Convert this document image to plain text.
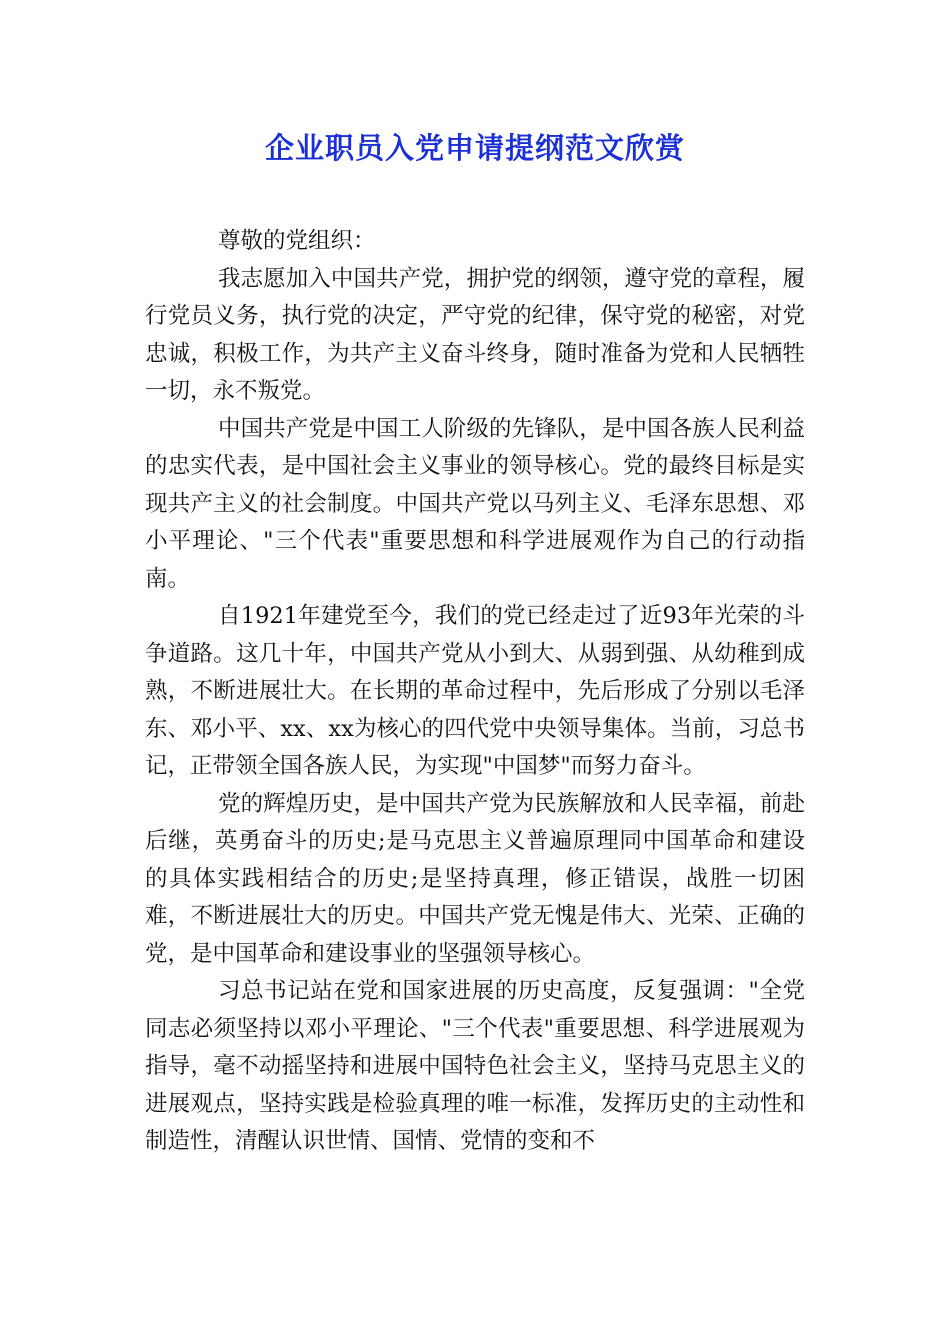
企业职员入党申请提纲范文欣赏

尊敬的党组织：

我志愿加入中国共产党，拥护党的纲领，遵守党的章程，履行党员义务，执行党的决定，严守党的纪律，保守党的秘密，对党忠诚，积极工作，为共产主义奋斗终身，随时准备为党和人民牺牲一切，永不叛党。

中国共产党是中国工人阶级的先锋队，是中国各族人民利益的忠实代表，是中国社会主义事业的领导核心。党的最终目标是实现共产主义的社会制度。中国共产党以马列主义、毛泽东思想、邓小平理论、"三个代表"重要思想和科学进展观作为自己的行动指南。

自1921年建党至今，我们的党已经走过了近93年光荣的斗争道路。这几十年，中国共产党从小到大、从弱到强、从幼稚到成熟，不断进展壮大。在长期的革命过程中，先后形成了分别以毛泽东、邓小平、xx、xx为核心的四代党中央领导集体。当前，习总书记，正带领全国各族人民，为实现"中国梦"而努力奋斗。

党的辉煌历史，是中国共产党为民族解放和人民幸福，前赴后继，英勇奋斗的历史;是马克思主义普遍原理同中国革命和建设的具体实践相结合的历史;是坚持真理，修正错误，战胜一切困难，不断进展壮大的历史。中国共产党无愧是伟大、光荣、正确的党，是中国革命和建设事业的坚强领导核心。

习总书记站在党和国家进展的历史高度，反复强调："全党同志必须坚持以邓小平理论、"三个代表"重要思想、科学进展观为指导，毫不动摇坚持和进展中国特色社会主义，坚持马克思主义的进展观点，坚持实践是检验真理的唯一标准，发挥历史的主动性和制造性，清醒认识世情、国情、党情的变和不
